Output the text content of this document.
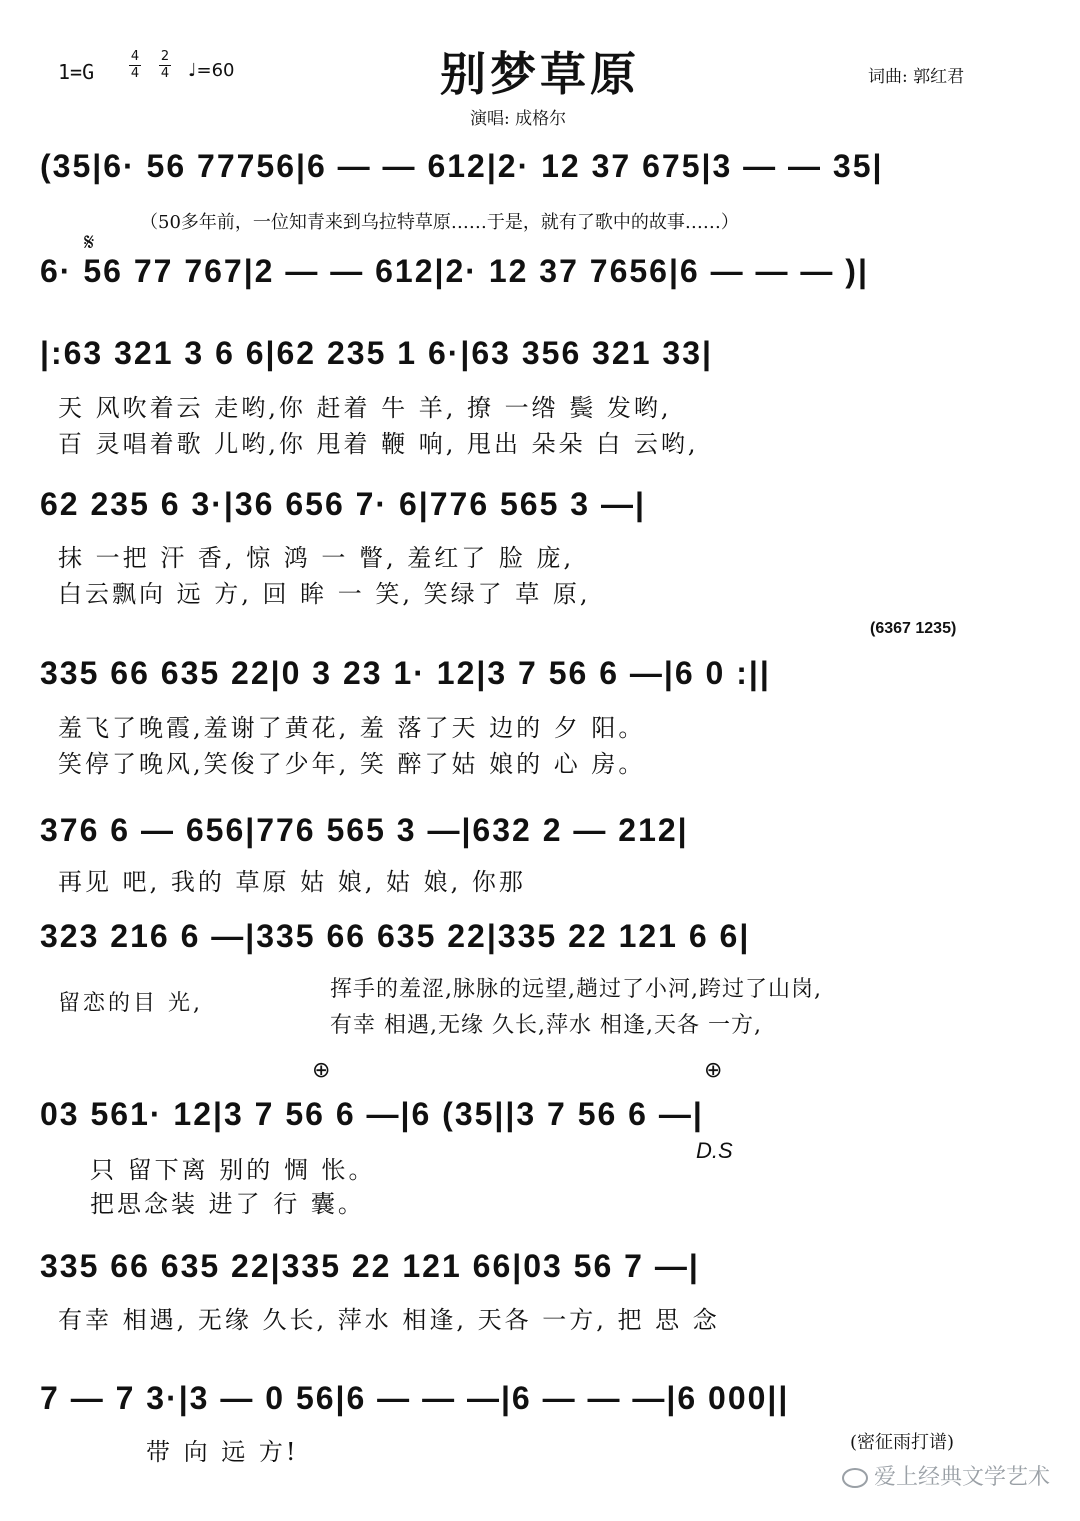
1=G
4
4
2
4 ♩=60	别梦草原
演唱: 成格尔
词曲: 郭红君
(35|6· 56 77756|6 — — 612|2· 12 37 675|3 — — 35|
（50多年前，一位知青来到乌拉特草原……于是，就有了歌中的故事……）
𝄋
6· 56 77 767|2 — — 612|2· 12 37 7656|6 — — — )|
|:63 321 3 6 6|62 235 1 6·|63 356 321 33|
天 风吹着云 走哟,你 赶着 牛 羊, 撩 一绺 鬓 发哟,
百 灵唱着歌 儿哟,你 甩着 鞭 响, 甩出 朵朵 白 云哟,
62 235 6 3·|36 656 7· 6|776 565 3 —|
抹 一把 汗 香, 惊 鸿 一 瞥, 羞红了 脸 庞,
白云飘向 远 方, 回 眸 一 笑, 笑绿了 草 原,
(6367 1235)
335 66 635 22|0 3 23 1· 12|3 7 56 6 —|6 0 :||
羞飞了晚霞,羞谢了黄花, 羞 落了天 边的 夕 阳。
笑停了晚风,笑俊了少年, 笑 醉了姑 娘的 心 房。
376 6 — 656|776 565 3 —|632 2 — 212|
再见 吧, 我的 草原 姑 娘, 姑 娘, 你那
323 216 6 —|335 66 635 22|335 22 121 6 6|
留恋的目 光,
挥手的羞涩,脉脉的远望,趟过了小河,跨过了山岗,
有幸 相遇,无缘 久长,萍水 相逢,天各 一方,
⊕	⊕
03 561· 12|3 7 56 6 —|6 (35||3 7 56 6 —|
D.S
只 留下离 别的 惆 怅。
把思念装 进了 行 囊。
335 66 635 22|335 22 121 66|03 56 7 —|
有幸 相遇, 无缘 久长, 萍水 相逢, 天各 一方, 把 思 念
7 — 7 3·|3 — 0 56|6 — — —|6 — — —|6 000||
带 向 远 方!	(密征雨打谱)
爱上经典文学艺术
